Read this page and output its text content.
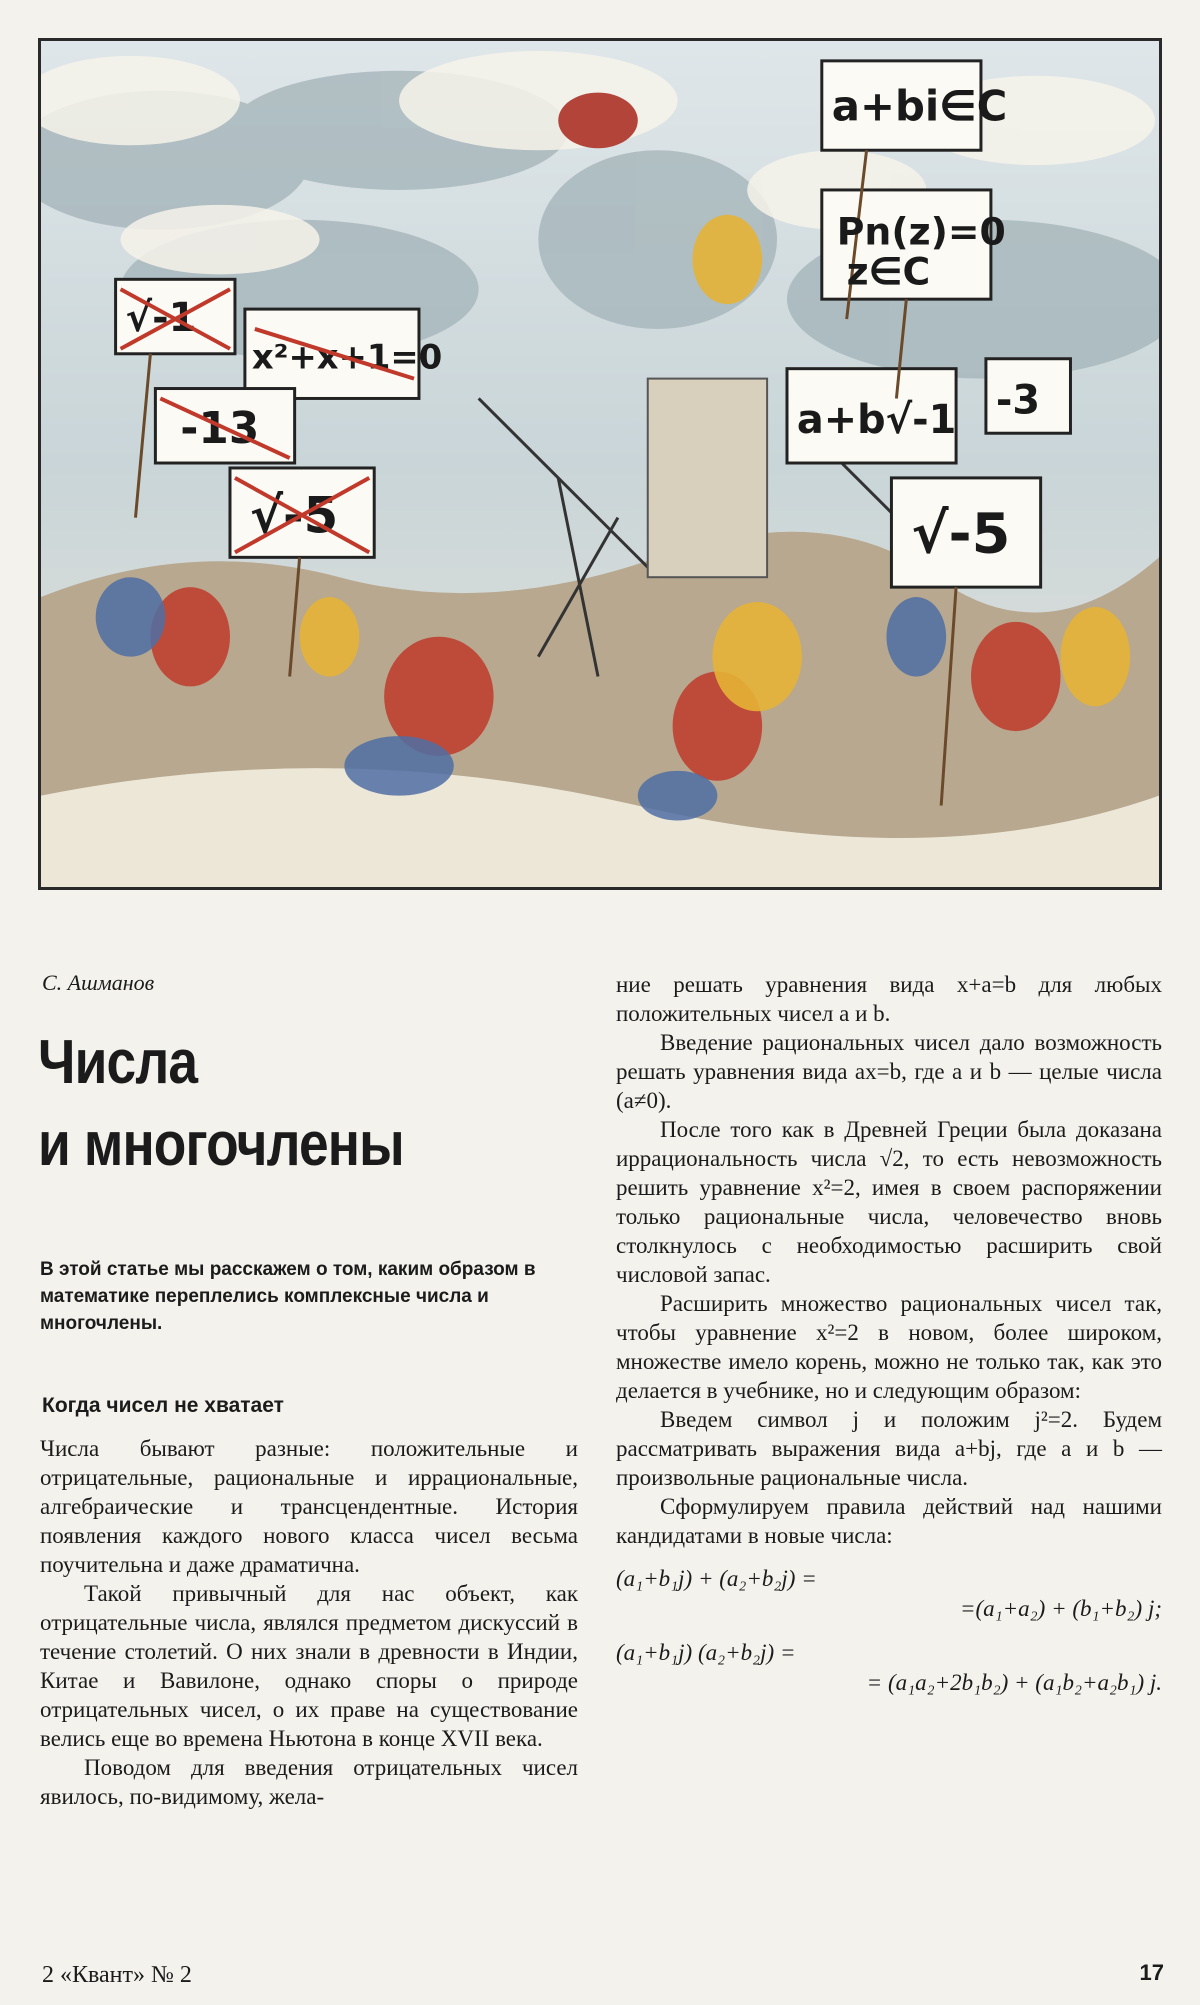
a+bi∈C
Pn(z)=0
z∈C
√-1
x²+x+1=0
-13
√-5
a+b√-1 -3
√-5
С. Ашманов
Числа
и многочлены
В этой статье мы расскажем о том, каким образом в математике переплелись комплексные числа и многочлены.
Когда чисел не хватает

Числа бывают разные: положительные и отрицательные, рациональные и иррациональные, алгебраические и трансцендентные. История появления каждого нового класса чисел весьма поучительна и даже драматична.

Такой привычный для нас объект, как отрицательные числа, являлся предметом дискуссий в течение столетий. О них знали в древности в Индии, Китае и Вавилоне, однако споры о природе отрицательных чисел, о их праве на существование велись еще во времена Ньютона в конце XVII века.

Поводом для введения отрицательных чисел явилось, по-видимому, жела-

ние решать уравнения вида x+a=b для любых положительных чисел a и b.

Введение рациональных чисел дало возможность решать уравнения вида ax=b, где a и b — целые числа (a≠0).

После того как в Древней Греции была доказана иррациональность числа √2, то есть невозможность решить уравнение x²=2, имея в своем распоряжении только рациональные числа, человечество вновь столкнулось с необходимостью расширить свой числовой запас.

Расширить множество рациональных чисел так, чтобы уравнение x²=2 в новом, более широком, множестве имело корень, можно не только так, как это делается в учебнике, но и следующим образом:

Введем символ j и положим j²=2. Будем рассматривать выражения вида a+bj, где a и b — произвольные рациональные числа.

Сформулируем правила действий над нашими кандидатами в новые числа:

(a₁+b₁j) + (a₂+b₂j) =
=(a₁+a₂) + (b₁+b₂) j;
(a₁+b₁j) (a₂+b₂j) =
= (a₁a₂+2b₁b₂) + (a₁b₂+a₂b₁) j.
2 «Квант» № 2	17
